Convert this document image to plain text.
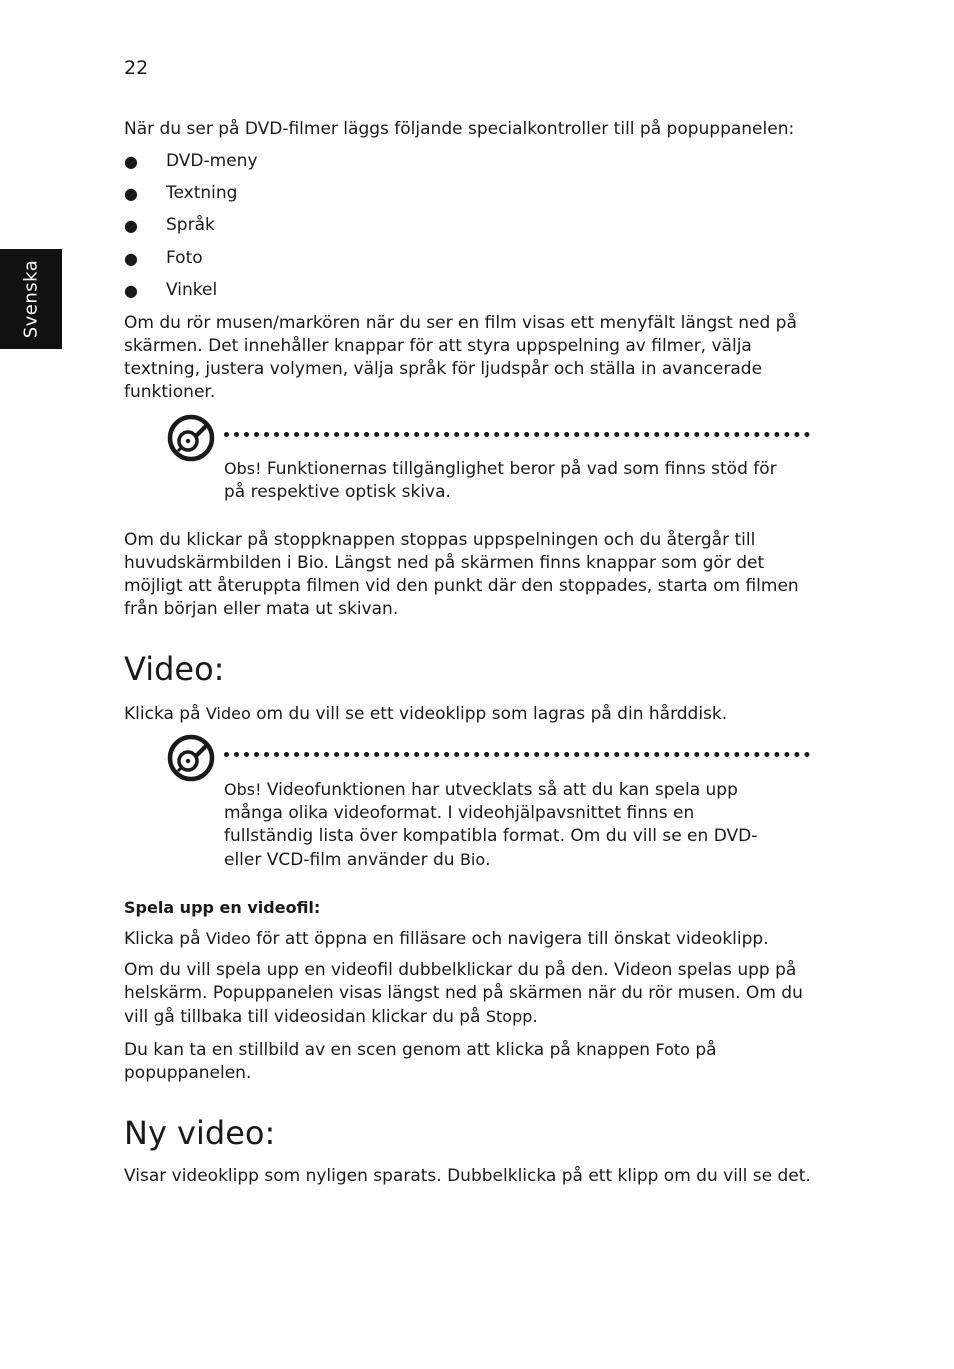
22
Svenska

När du ser på DVD-filmer läggs följande specialkontroller till på popuppanelen:

● DVD-meny
● Textning
● Språk
● Foto
● Vinkel

Om du rör musen/markören när du ser en film visas ett menyfält längst ned på skärmen. Det innehåller knappar för att styra uppspelning av filmer, välja textning, justera volymen, välja språk för ljudspår och ställa in avancerade funktioner.

Obs! Funktionernas tillgänglighet beror på vad som finns stöd för på respektive optisk skiva.

Om du klickar på stoppknappen stoppas uppspelningen och du återgår till huvudskärmbilden i Bio. Längst ned på skärmen finns knappar som gör det möjligt att återuppta filmen vid den punkt där den stoppades, starta om filmen från början eller mata ut skivan.

Video:

Klicka på Video om du vill se ett videoklipp som lagras på din hårddisk.

Obs! Videofunktionen har utvecklats så att du kan spela upp många olika videoformat. I videohjälpavsnittet finns en fullständig lista över kompatibla format. Om du vill se en DVD- eller VCD-film använder du Bio.

Spela upp en videofil:

Klicka på Video för att öppna en filläsare och navigera till önskat videoklipp.

Om du vill spela upp en videofil dubbelklickar du på den. Videon spelas upp på helskärm. Popuppanelen visas längst ned på skärmen när du rör musen. Om du vill gå tillbaka till videosidan klickar du på Stopp.

Du kan ta en stillbild av en scen genom att klicka på knappen Foto på popuppanelen.

Ny video:

Visar videoklipp som nyligen sparats. Dubbelklicka på ett klipp om du vill se det.
